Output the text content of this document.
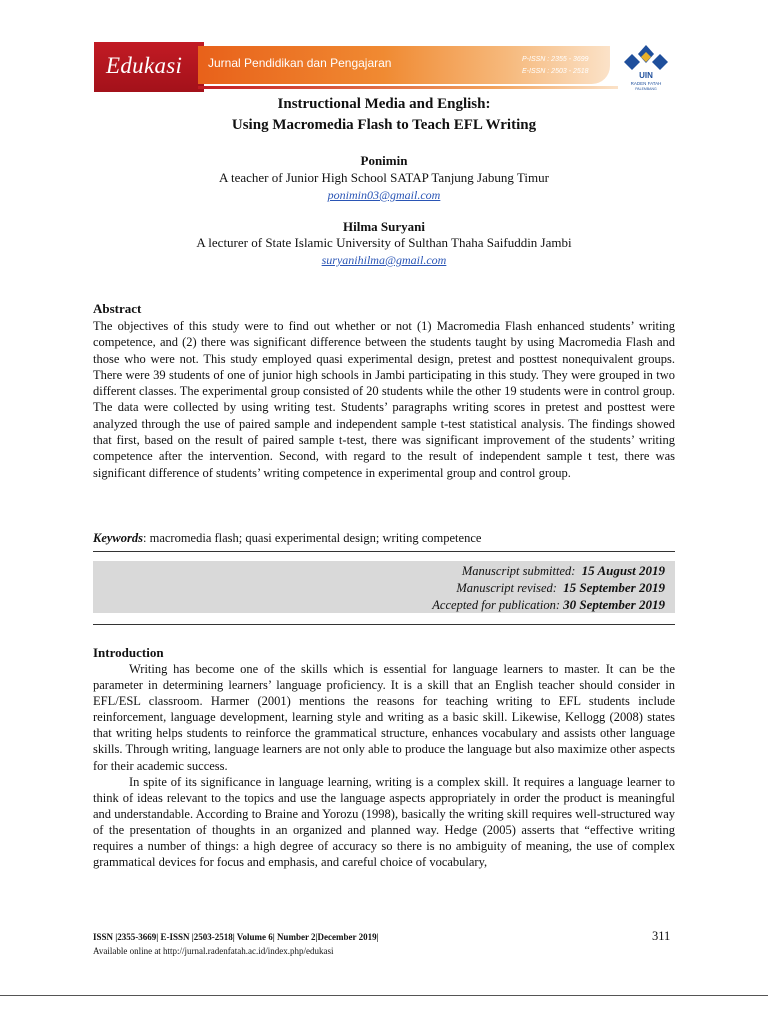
Edukasi Jurnal Pendidikan dan Pengajaran	P-ISSN : 2355 - 3699
E-ISSN : 2503 - 2518	UIN
RADEN FATAH
PALEMBANG
Instructional Media and English:
Using Macromedia Flash to Teach EFL Writing
Ponimin
A teacher of Junior High School SATAP Tanjung Jabung Timur
ponimin03@gmail.com
Hilma Suryani
A lecturer of State Islamic University of Sulthan Thaha Saifuddin Jambi
suryanihilma@gmail.com
Abstract
The objectives of this study were to find out whether or not (1) Macromedia Flash enhanced students’ writing competence, and (2) there was significant difference between the students taught by using Macromedia Flash and those who were not. This study employed quasi experimental design, pretest and posttest nonequivalent groups. There were 39 students of one of junior high schools in Jambi participating in this study. They were grouped in two different classes. The experimental group consisted of 20 students while the other 19 students were in control group. The data were collected by using writing test. Students’ paragraphs writing scores in pretest and posttest were analyzed through the use of paired sample and independent sample t-test statistical analysis. The findings showed that first, based on the result of paired sample t-test, there was significant improvement of the students’ writing competence after the intervention. Second, with regard to the result of independent sample t test, there was significant difference of students’ writing competence in experimental group and control group.
Keywords: macromedia flash; quasi experimental design; writing competence
Manuscript submitted: 15 August 2019
Manuscript revised: 15 September 2019
Accepted for publication: 30 September 2019
Introduction

Writing has become one of the skills which is essential for language learners to master. It can be the parameter in determining learners’ language proficiency. It is a skill that an English teacher should consider in EFL/ESL classroom. Harmer (2001) mentions the reasons for teaching writing to EFL students include reinforcement, language development, learning style and writing as a basic skill. Likewise, Kellogg (2008) states that writing helps students to reinforce the grammatical structure, enhances vocabulary and assists other language skills. Through writing, language learners are not only able to produce the language but also maximize other aspects for their academic success.

In spite of its significance in language learning, writing is a complex skill. It requires a language learner to think of ideas relevant to the topics and use the language aspects appropriately in order the product is meaningful and understandable. According to Braine and Yorozu (1998), basically the writing skill requires well-structured way of the presentation of thoughts in an organized and planned way. Hedge (2005) asserts that “effective writing requires a number of things: a high degree of accuracy so there is no ambiguity of meaning, the use of complex grammatical devices for focus and emphasis, and careful choice of vocabulary,

ISSN |2355-3669| E-ISSN |2503-2518| Volume 6| Number 2|December 2019|
Available online at http://jurnal.radenfatah.ac.id/index.php/edukasi
311
